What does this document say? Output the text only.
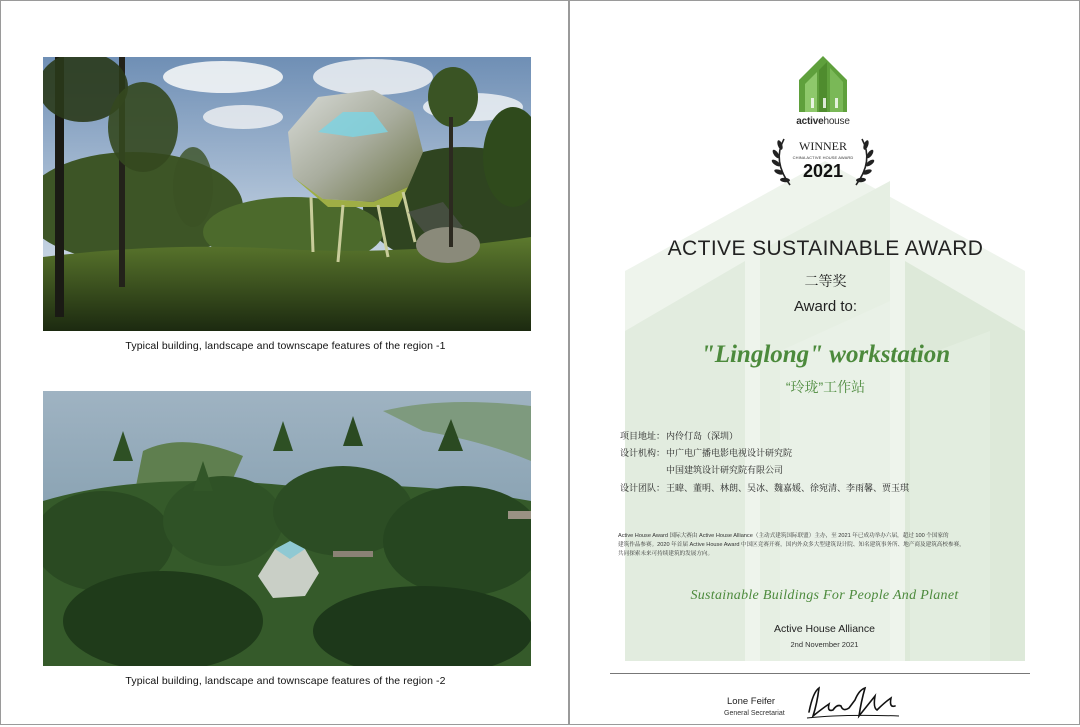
Typical building, landscape and townscape features of the region -1
Typical building, landscape and townscape features of the region -2
activehouse
WINNER
CHINA ACTIVE HOUSE AWARD
2021
ACTIVE SUSTAINABLE AWARD
二等奖
Award to:
"Linglong" workstation
“玲珑”工作站
项目地址：内伶仃岛（深圳）
设计机构：中广电广播电影电视设计研究院
中国建筑设计研究院有限公司
设计团队：王暐、董明、林朗、吴冰、魏嘉媛、徐宛清、李雨馨、贾玉琪
Active House Award 国际大赛由 Active House Alliance（主动式建筑国际联盟）主办，至 2021 年已成功举办六届，超过 100 个国家的
建筑作品参赛。2020 年首届 Active House Award 中国区竞赛开赛，国内外众多大型建筑设计院、知名建筑事务所、地产商及建筑高校参赛，
共同探索未来可持续建筑的发展方向。
Sustainable Buildings For People And Planet
Active House Alliance
2nd November 2021
Lone Feifer
General Secretariat
